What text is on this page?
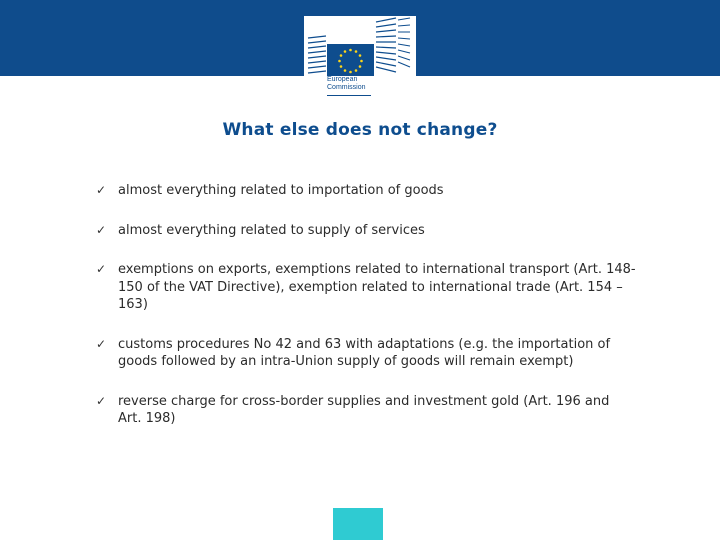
European
Commission
What else does not change?
✓ almost everything related to importation of goods
✓ almost everything related to supply of services
✓ exemptions on exports, exemptions related to international transport (Art. 148-150 of the VAT Directive), exemption related to international trade (Art. 154 – 163)
✓ customs procedures No 42 and 63 with adaptations (e.g. the importation of goods followed by an intra-Union supply of goods will remain exempt)
✓ reverse charge for cross-border supplies and investment gold (Art. 196 and Art. 198)
